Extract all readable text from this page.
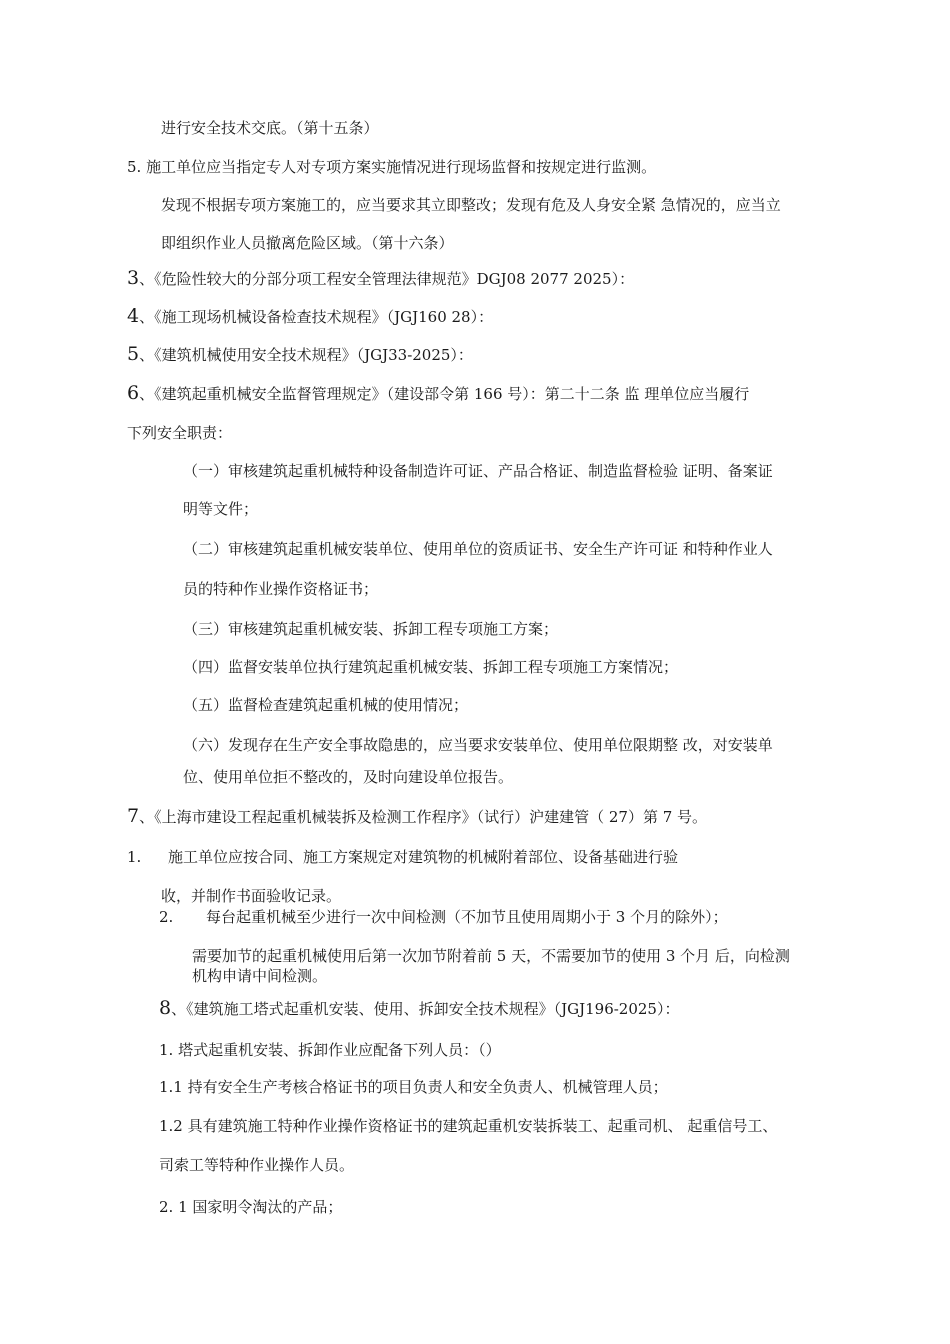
进行安全技术交底。（第十五条）
5. 施工单位应当指定专人对专项方案实施情况进行现场监督和按规定进行监测。
发现不根据专项方案施工的，应当要求其立即整改；发现有危及人身安全紧 急情况的，应当立
即组织作业人员撤离危险区域。（第十六条）
3、《危险性较大的分部分项工程安全管理法律规范》DGJ08 2077 2025）：
4、《施工现场机械设备检查技术规程》（JGJ160 28）：
5、《建筑机械使用安全技术规程》（JGJ33-2025）：
6、《建筑起重机械安全监督管理规定》（建设部令第 166 号）：第二十二条 监 理单位应当履行
下列安全职责：
（一）审核建筑起重机械特种设备制造许可证、产品合格证、制造监督检验 证明、备案证
明等文件；
（二）审核建筑起重机械安装单位、使用单位的资质证书、安全生产许可证 和特种作业人
员的特种作业操作资格证书；
（三）审核建筑起重机械安装、拆卸工程专项施工方案；
（四）监督安装单位执行建筑起重机械安装、拆卸工程专项施工方案情况；
（五）监督检查建筑起重机械的使用情况；
（六）发现存在生产安全事故隐患的，应当要求安装单位、使用单位限期整 改，对安装单
位、使用单位拒不整改的，及时向建设单位报告。
7、《上海市建设工程起重机械装拆及检测工作程序》（试行）沪建建管（ 27）第 7 号。
1. 施工单位应按合同、施工方案规定对建筑物的机械附着部位、设备基础进行验
收，并制作书面验收记录。
2. 每台起重机械至少进行一次中间检测（不加节且使用周期小于 3 个月的除外）；
需要加节的起重机械使用后第一次加节附着前 5 天，不需要加节的使用 3 个月 后，向检测
机构申请中间检测。
8、《建筑施工塔式起重机安装、使用、拆卸安全技术规程》（JGJ196-2025）：
1. 塔式起重机安装、拆卸作业应配备下列人员：（）
1.1 持有安全生产考核合格证书的项目负责人和安全负责人、机械管理人员；
1.2 具有建筑施工特种作业操作资格证书的建筑起重机安装拆装工、起重司机、 起重信号工、
司索工等特种作业操作人员。
2. 1 国家明令淘汰的产品；
